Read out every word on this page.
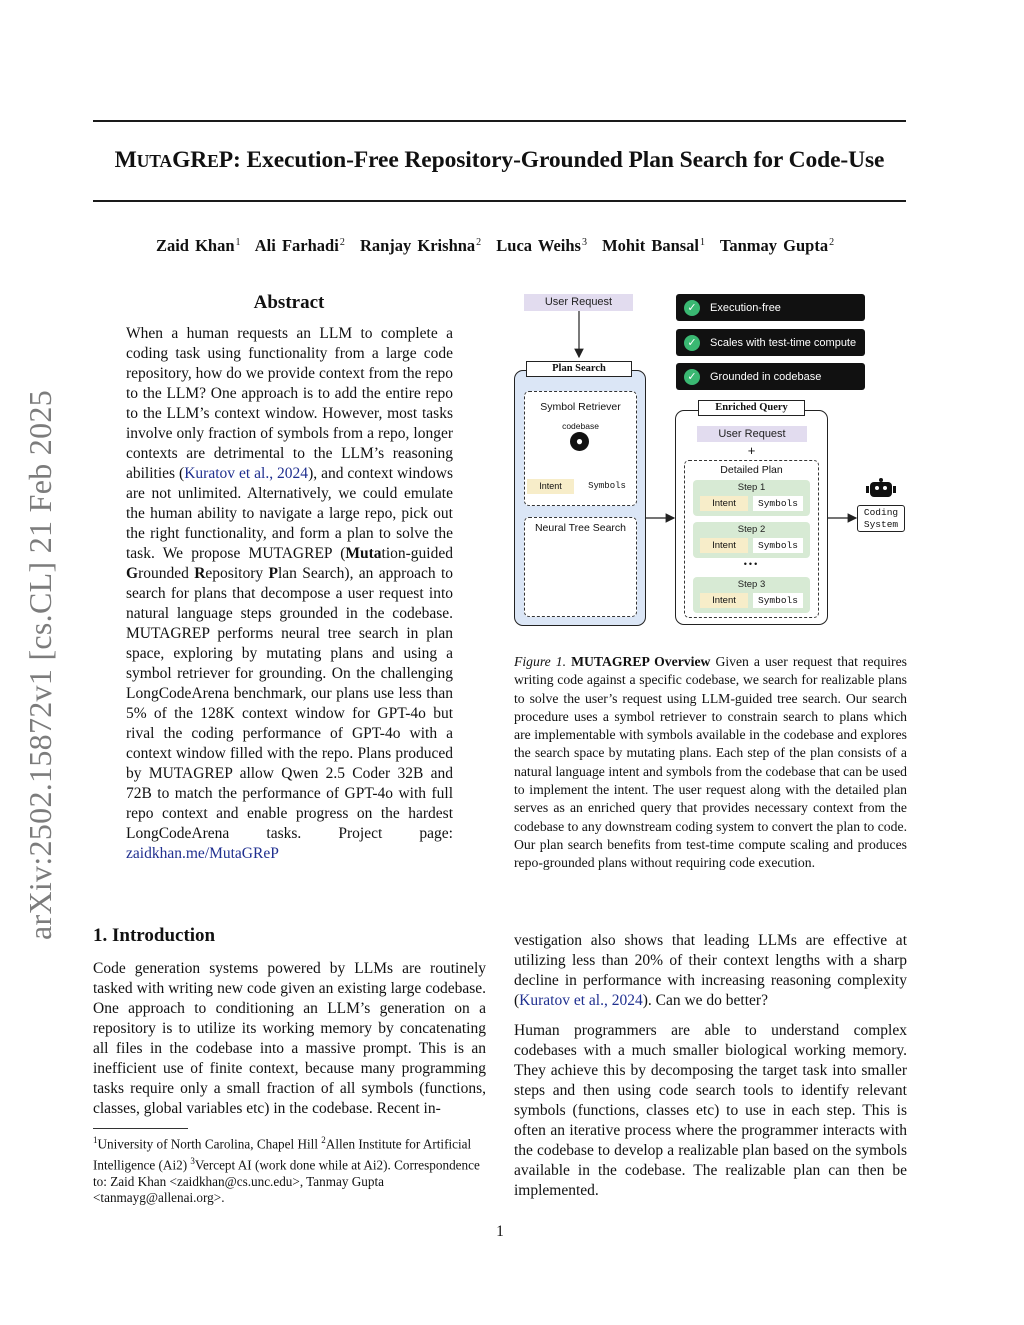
MUTAGREP: Execution-Free Repository-Grounded Plan Search for Code-Use
Zaid Khan$^1$ Ali Farhadi$^2$ Ranjay Krishna$^2$ Luca Weihs$^3$ Mohit Bansal$^1$ Tanmay Gupta$^2$
arXiv:2502.15872v1 [cs.CL] 21 Feb 2025
Abstract
When a human requests an LLM to complete a coding task using functionality from a large code repository, how do we provide context from the repo to the LLM? One approach is to add the entire repo to the LLM’s context window. However, most tasks involve only fraction of symbols from a repo, longer contexts are detrimental to the LLM’s reasoning abilities (Kuratov et al., 2024), and context windows are not unlimited. Alternatively, we could emulate the human ability to navigate a large repo, pick out the right functionality, and form a plan to solve the task. We propose MUTAGREP (Mutation-guided Grounded Repository Plan Search), an approach to search for plans that decompose a user request into natural language steps grounded in the codebase. MUTAGREP performs neural tree search in plan space, exploring by mutating plans and using a symbol retriever for grounding. On the challenging LongCodeArena benchmark, our plans use less than 5% of the 128K context window for GPT-4o but rival the coding performance of GPT-4o with a context window filled with the repo. Plans produced by MUTAGREP allow Qwen 2.5 Coder 32B and 72B to match the performance of GPT-4o with full repo context and enable progress on the hardest LongCodeArena tasks. Project page: zaidkhan.me/MutaGReP
1. Introduction
Code generation systems powered by LLMs are routinely tasked with writing new code given an existing large codebase. One approach to conditioning an LLM’s generation on a repository is to utilize its working memory by concatenating all files in the codebase into a massive prompt. This is an inefficient use of finite context, because many programming tasks require only a small fraction of all symbols (functions, classes, global variables etc) in the codebase. Recent in-
$^1$University of North Carolina, Chapel Hill $^2$Allen Institute for Artificial Intelligence (Ai2) $^3$Vercept AI (work done while at Ai2). Correspondence to: Zaid Khan <zaidkhan@cs.unc.edu>, Tanmay Gupta <tanmayg@allenai.org>.
vestigation also shows that leading LLMs are effective at utilizing less than 20% of their context lengths with a sharp decline in performance with increasing reasoning complexity (Kuratov et al., 2024). Can we do better?
Human programmers are able to understand complex codebases with a much smaller biological working memory. They achieve this by decomposing the target task into smaller steps and then using code search tools to identify relevant symbols (functions, classes etc) to use in each step. This is often an iterative process where the programmer interacts with the codebase to develop a realizable plan based on the symbols available in the codebase. The realizable plan can then be implemented.
1
User Request	✓	Execution-free
✓	Scales with test-time compute
✓	Grounded in codebase
Plan Search
Symbol Retriever
codebase
●
Intent	Symbols
Neural Tree Search
Enriched Query
User Request
+
Detailed Plan
Step 1
Intent	Symbols
Step 2
Intent	Symbols
•••
Step 3
Intent	Symbols
Coding
System
Figure 1. MUTAGREP Overview Given a user request that requires writing code against a specific codebase, we search for realizable plans to solve the user’s request using LLM-guided tree search. Our search procedure uses a symbol retriever to constrain search to plans which are implementable with symbols available in the codebase and explores the search space by mutating plans. Each step of the plan consists of a natural language intent and symbols from the codebase that can be used to implement the intent. The user request along with the detailed plan serves as an enriched query that provides necessary context from the codebase to any downstream coding system to convert the plan to code. Our plan search benefits from test-time compute scaling and produces repo-grounded plans without requiring code execution.
